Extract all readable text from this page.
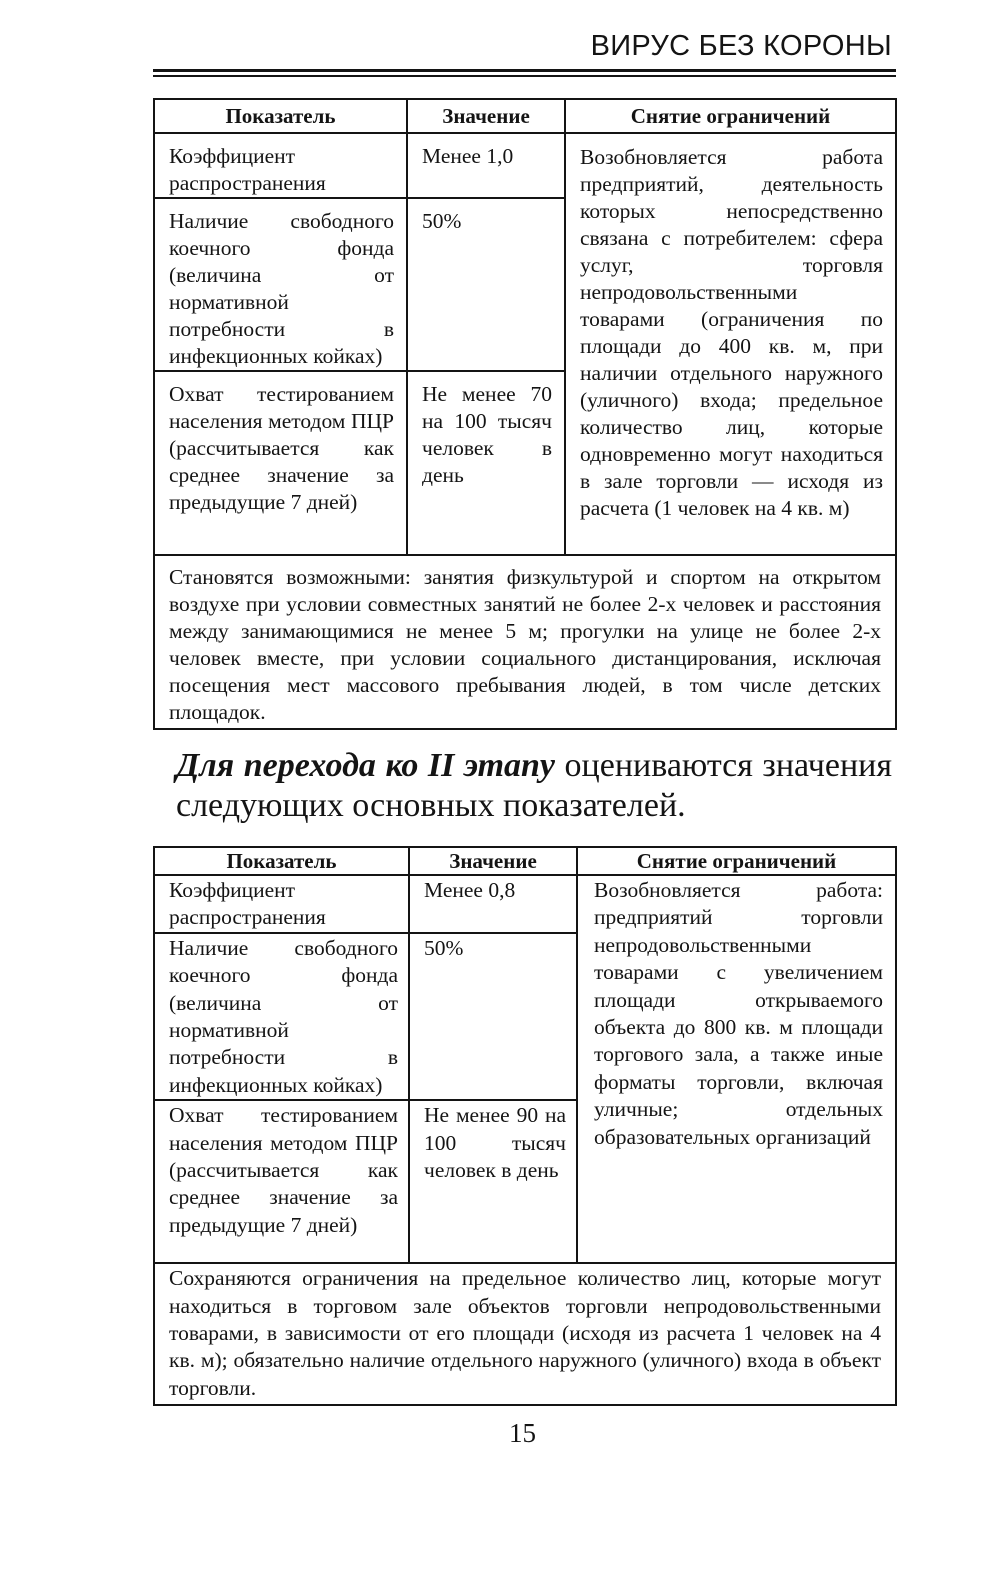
ВИРУС БЕЗ КОРОНЫ
Показатель	Значение	Снятие ограничений
Коэффициент распространения	Менее 1,0	Возобновляется работа предприятий, деятельность которых непосредственно связана с потребителем: сфера услуг, торговля непродовольственными товарами (ограничения по площади до 400 кв. м, при наличии отдельного наружного (уличного) входа; предельное количество лиц, которые одновременно могут находиться в зале торговли — исходя из расчета (1 человек на 4 кв. м)
Наличие свободного коечного фонда (величина от нормативной потребности в инфекционных койках)	50%	
Охват тестированием населения методом ПЦР (рассчитывается как среднее значение за предыдущие 7 дней)	Не менее 70 на 100 тысяч человек в день	
Становятся возможными: занятия физкультурой и спортом на открытом воздухе при условии совместных занятий не более 2-х человек и расстояния между занимающимися не менее 5 м; прогулки на улице не более 2-х человек вместе, при условии социального дистанцирования, исключая посещения мест массового пребывания людей, в том числе детских площадок.		
Для перехода ко II этапу оцениваются значения следующих основных показателей.
Показатель	Значение	Снятие ограничений
Коэффициент распространения	Менее 0,8	Возобновляется работа: предприятий торговли непродовольственными товарами с увеличением площади открываемого объекта до 800 кв. м площади торгового зала, а также иные форматы торговли, включая уличные; отдельных образовательных организаций
Наличие свободного коечного фонда (величина от нормативной потребности в инфекционных койках)	50%	
Охват тестированием населения методом ПЦР (рассчитывается как среднее значение за предыдущие 7 дней)	Не менее 90 на 100 тысяч человек в день	
Сохраняются ограничения на предельное количество лиц, которые могут находиться в торговом зале объектов торговли непродовольственными товарами, в зависимости от его площади (исходя из расчета 1 человек на 4 кв. м); обязательно наличие отдельного наружного (уличного) входа в объект торговли.		
15
